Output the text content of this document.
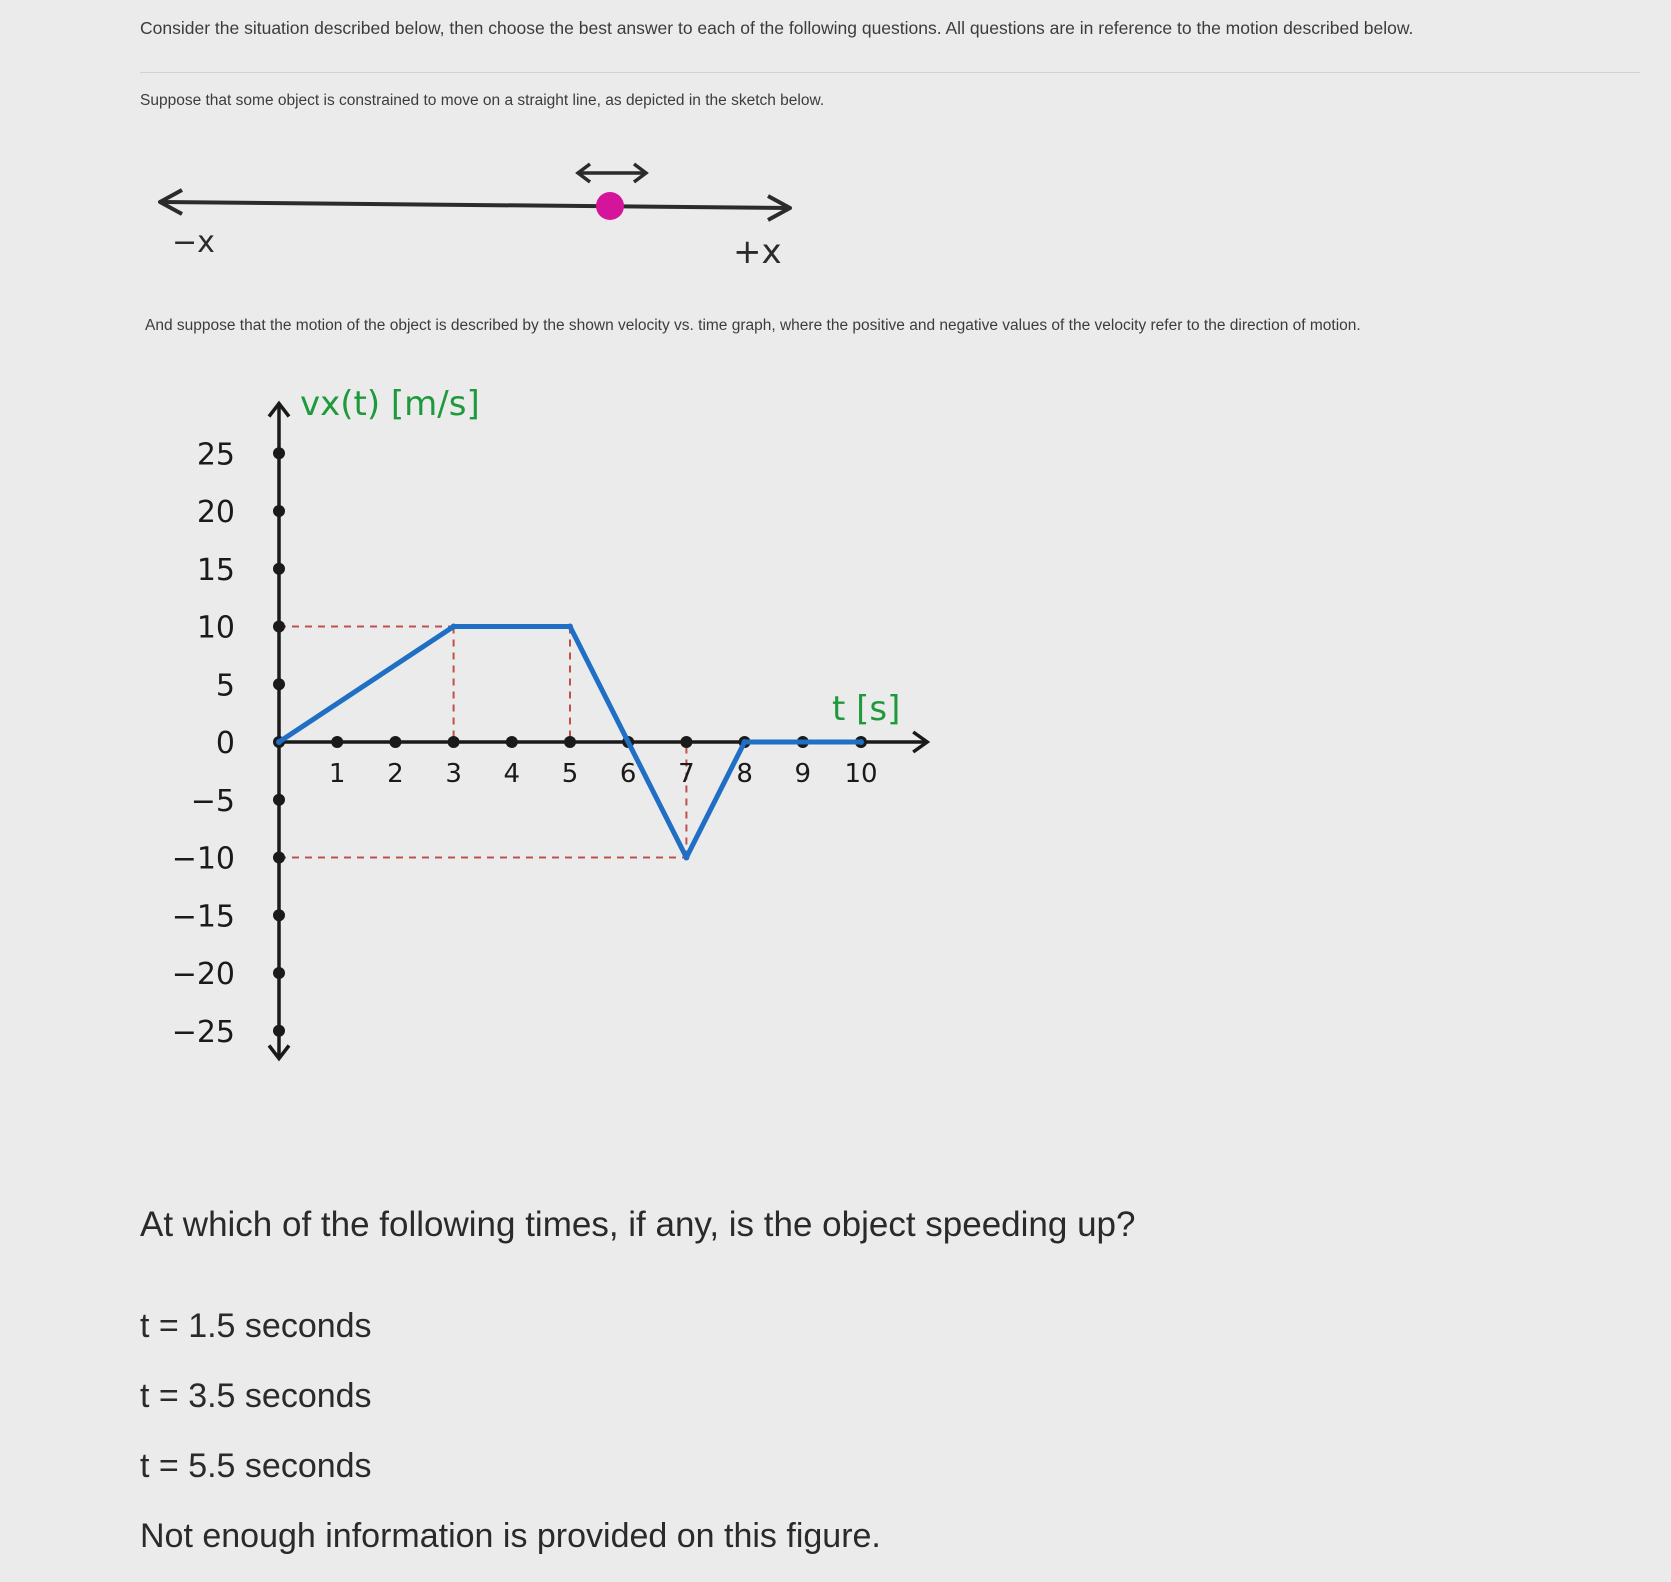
Consider the situation described below, then choose the best answer to each of the following questions. All questions are in reference to the motion described below.
Suppose that some object is constrained to move on a straight line, as depicted in the sketch below.
−x	+x
And suppose that the motion of the object is described by the shown velocity vs. time graph, where the positive and negative values of the velocity refer to the direction of motion.
25
20
15
10
5
0
−5
−10
−15
−20
−25
1 2 3 4 5 6 7 8 9 10
vx(t) [m/s]
t [s]
At which of the following times, if any, is the object speeding up?
t = 1.5 seconds
t = 3.5 seconds
t = 5.5 seconds
Not enough information is provided on this figure.
